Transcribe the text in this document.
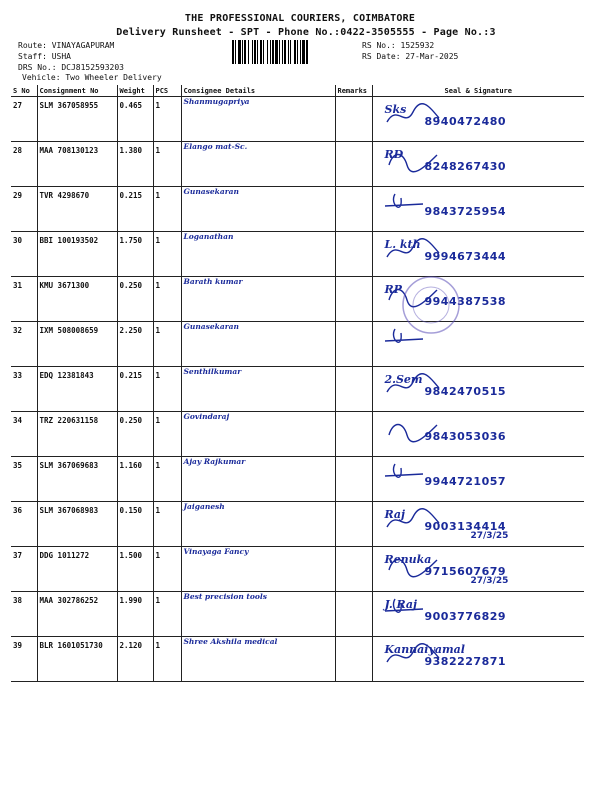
THE PROFESSIONAL COURIERS, COIMBATORE
Delivery Runsheet - SPT - Phone No.:0422-3505555 - Page No.:3
Route: VINAYAGAPURAM
Staff: USHA
DRS No.: DCJ8152593203
RS No.: 1525932
RS Date: 27-Mar-2025
Vehicle: Two Wheeler Delivery
S No	Consignment No	Weight	PCS	Consignee Details	Remarks	Seal & Signature
27	SLM 367058955	0.465	1	Shanmugapriya		Sks
8940472480

28	MAA 708130123	1.380	1	Elango mat-Sc.		RD
8248267430

29	TVR 4298670	0.215	1	Gunasekaran		9843725954

30	BBI 100193502	1.750	1	Loganathan		L. kth
9994673444

31	KMU 3671300	0.250	1	Barath kumar		RP
9944387538

32	IXM 508008659	2.250	1	Gunasekaran		

33	EDQ 12381843	0.215	1	Senthilkumar		2.Sem
9842470515

34	TRZ 220631158	0.250	1	Govindaraj		9843053036

35	SLM 367069683	1.160	1	Ajay Rajkumar		9944721057

36	SLM 367068983	0.150	1	Jaiganesh		Raj
9003134414
27/3/25

37	DDG 1011272	1.500	1	Vinayaga Fancy		Renuka
9715607679
27/3/25

38	MAA 302786252	1.990	1	Best precision tools		J. Raj
9003776829

39	BLR 1601051730	2.120	1	Shree Akshila medical		Kannaiyamal
9382227871
